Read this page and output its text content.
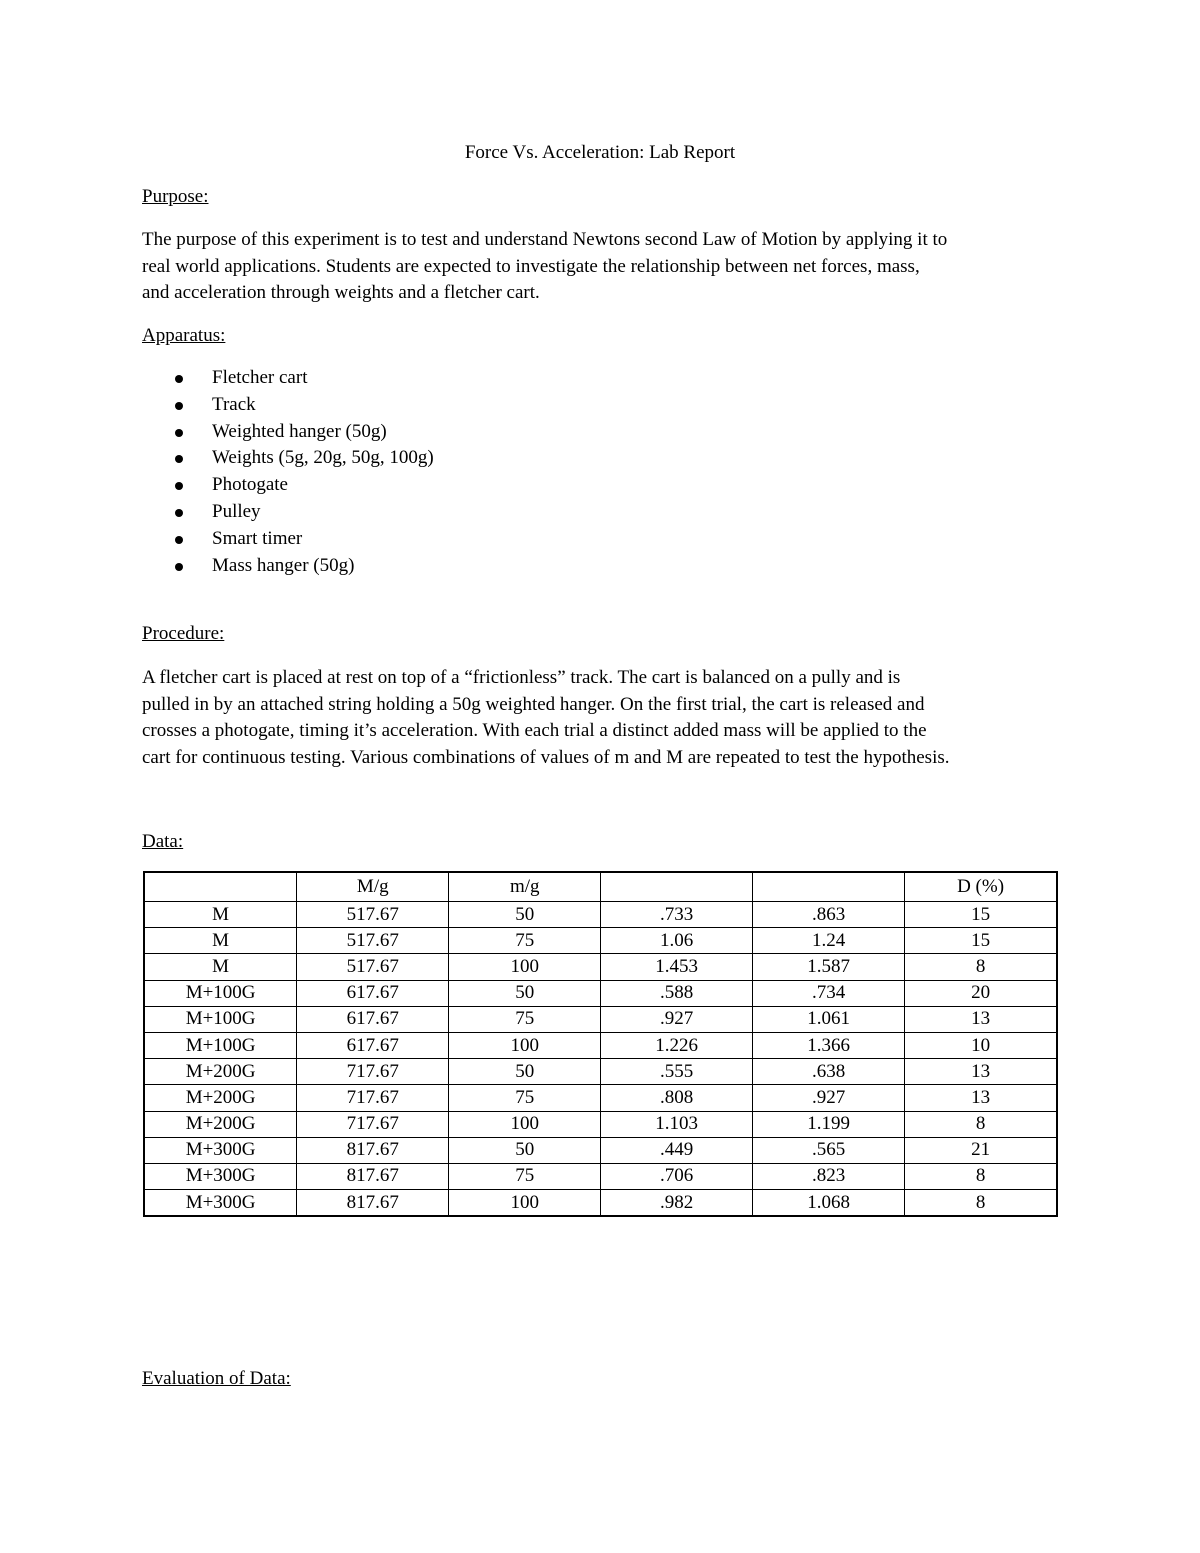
Force Vs. Acceleration: Lab Report
Purpose:
The purpose of this experiment is to test and understand Newtons second Law of Motion by applying it to
real world applications. Students are expected to investigate the relationship between net forces, mass,
and acceleration through weights and a fletcher cart.
Apparatus:
Fletcher cart
Track
Weighted hanger (50g)
Weights (5g, 20g, 50g, 100g)
Photogate
Pulley
Smart timer
Mass hanger (50g)
Procedure:
A fletcher cart is placed at rest on top of a “frictionless” track. The cart is balanced on a pully and is
pulled in by an attached string holding a 50g weighted hanger. On the first trial, the cart is released and
crosses a photogate, timing it’s acceleration. With each trial a distinct added mass will be applied to the
cart for continuous testing. Various combinations of values of m and M are repeated to test the hypothesis.
Data:
	M/g	m/g			D (%)
M	517.67	50	.733	.863	15
M	517.67	75	1.06	1.24	15
M	517.67	100	1.453	1.587	8
M+100G	617.67	50	.588	.734	20
M+100G	617.67	75	.927	1.061	13
M+100G	617.67	100	1.226	1.366	10
M+200G	717.67	50	.555	.638	13
M+200G	717.67	75	.808	.927	13
M+200G	717.67	100	1.103	1.199	8
M+300G	817.67	50	.449	.565	21
M+300G	817.67	75	.706	.823	8
M+300G	817.67	100	.982	1.068	8
Evaluation of Data:
